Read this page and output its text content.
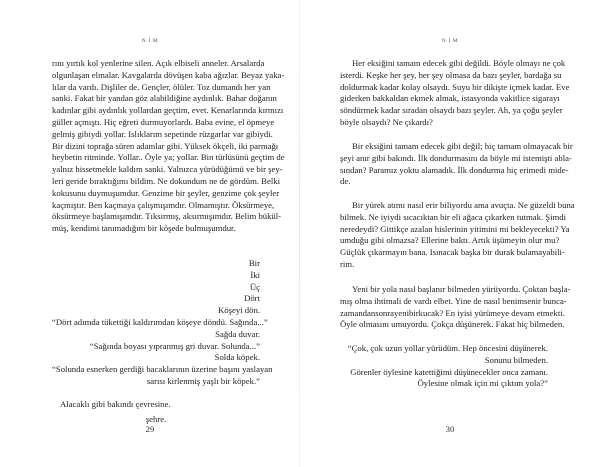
N İ M
rını yırtık kol yenlerine silen. Açık elbiseli anneler. Arsalarda
olgunlaşan elmalar. Kavgalarda dövüşen kaba ağızlar. Beyaz yaka-
lılar da vardı. Dişliler de. Gençler, ölüler. Toz dumandı her yan
sanki. Fakat bir yandan göz alabildiğine aydınlık. Bahar doğanın
kadınlar gibi aydınlık yollardan geçtim, evet. Kenarlarında kırmızı
güller açmıştı. Hiç eğreti durmuyorlardı. Baba evine, el öpmeye
gelmiş gibiydi yollar. Islıklarım sepetinde rüzgarlar var gibiydi.
Bir dizini toprağa süren adamlar gibi. Yüksek ökçeli, iki parmağı
heybetin ritminde. Yollar.. Öyle ya; yollar. Bin türlüsünü geçtim de
yalnız hissetmekle kaldım sanki. Yalnızca yürüdüğümü ve bir şey-
leri geride bıraktığımı bildim. Ne dokundum ne de gördüm. Belki
kokusunu duymuşumdur. Genzime bir şeyler, genzime çok şeyler
kaçmıştır. Ben kaçmaya çalışmışımdır. Olmamıştır. Öksürmeye,
öksürmeye başlamışımdır. Tıksırmış, aksırmışımdır. Belim bükül-
müş, kendimi tanımadığım bir köşede bulmuşumdur.
Bir
İki
Üç
Dört
Köşeyi dön.
“Dört adımda tükettiği kaldırımdan köşeye döndü. Sağında...”
Sağda duvar.
“Sağında boyası yıpranmış gri duvar. Solunda...”
Solda köpek.
“Solunda esnerken gerdiği bacaklarının üzerine başını yaslayan
sarısı kirlenmiş yaşlı bir köpek.”
Alacaklı gibi bakındı çevresine.
şehre.
29
N İ M
Her eksiğini tamam edecek gibi değildi. Böyle olmayı ne çok
isterdi. Keşke her şey, her şey olmasa da bazı şeyler, bardağa su
doldurmak kadar kolay olsaydı. Suyu bir dikişte içmek kadar. Eve
giderken bakkaldan ekmek almak, istasyonda vakitlice sigarayı
söndürmek kadar sıradan olsaydı bazı şeyler. Ah, ya çoğu şeyler
böyle olsaydı? Ne çıkardı?
Bir eksiğini tamam edecek gibi değil; hiç tamam olmayacak bir
şeyi anır gibi bakındı. İlk dondurmasını da böyle mi istemişti abla-
sından? Paramız yoktu alamadık. İlk dondurma hiç erimedi mide-
de.
Bir yürek atımı nasıl erir biliyordu ama avuçta. Ne güzeldi buna
bilmek. Ne iyiydi sıcacıktan bir eli ağaca çıkarken tutmak. Şimdi
neredeydi? Gittikçe azalan hislerinin yitimini mi bekleyecekti? Ya
umduğu gibi olmazsa? Ellerine baktı. Artık üşümeyin olur mu?
Güçlük çıkarmayın bana. Isınacak başka bir durak bulamayabili-
rim.
Yeni bir yola nasıl başlanır bilmeden yürüyordu. Çoktan başla-
mış olma ihtimali de vardı elbet. Yine de nasıl benimsenir bunca-
zamandansonrayenibirkucak? En iyisi yürümeye devam etmekti.
Öyle olmasını umuyordu. Çokça düşünerek. Fakat hiç bilmeden.
“Çok, çok uzun yollar yürüdüm. Hep öncesini düşünerek.
Sonunu bilmeden.
Görenler öylesine katettiğimi düşünecekler onca zamanı.
Öylesine olmak için mi çıktım yola?”
30
